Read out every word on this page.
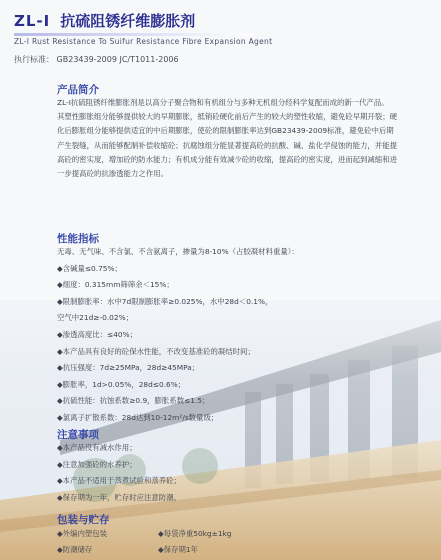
ZL-I 抗硫阻锈纤维膨胀剂
ZL-I Rust Resistance To Suifur Resistance Fibre Expansion Agent
执行标准： GB23439-2009 JC/T1011-2006
产品简介

ZL-I抗硫阻锈纤维膨胀剂是以高分子聚合物和有机组分与多种无机组分经科学复配而成的新一代产品。

其塑性膨胀组分能够提供较大的早期膨胀，抵销砼硬化前后产生的较大的塑性收缩，避免砼早期开裂；硬化后膨胀组分能够提供适宜的中后期膨胀，使砼的限制膨胀率达到GB23439-2009标准，避免砼中后期产生裂缝，从而能够配制补偿收缩砼；抗腐蚀组分能显著提高砼的抗酸、碱、盐化学侵蚀的能力，并能提高砼的密实度，增加砼的防水能力；有机成分能有效减少砼的收缩，提高砼的密实度，进而起到减缩和进一步提高砼的抗渗透能力之作用。

性能指标
无毒、无气味、不含氯、不含氨离子，掺量为8-10%（占胶凝材料重量）：
◆含碱量≤0.75%；
◆细度：0.315mm筛筛余＜15%；
◆限制膨胀率：水中7d限制膨胀率≥0.025%，水中28d＜0.1%，
空气中21d≥-0.02%；
◆渗透高度比：≤40%；
◆本产品具有良好的砼保水性能，不改变基准砼的凝结时间；
◆抗压强度：7d≥25MPa，28d≥45MPa；
◆膨胀率，1d>0.05%，28d≤0.6%；
◆抗硫性能：抗蚀系数≥0.9，膨胀系数≤1.5；
◆氯离子扩散系数：28d达到10-12m²/s数量级；
注意事项
◆本产品没有减水作用；
◆注意加强砼的水养护；
◆本产品不适用于蒸煮试验和蒸养砼；
◆保存期为一年，贮存时应注意防潮。
包装与贮存
◆外编内塑包装	◆每袋净重50kg±1kg
◆防潮储存	◆保存期1年
